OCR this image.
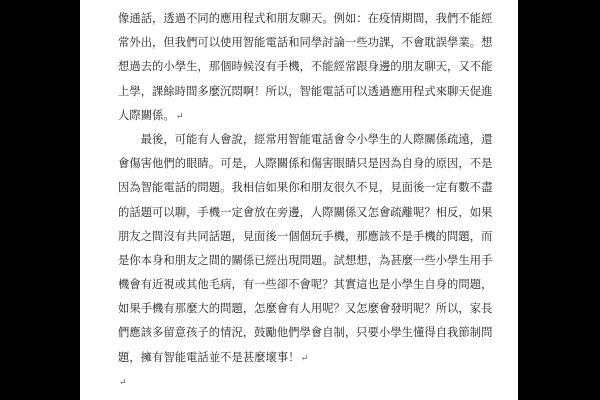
像通話，透過不同的應用程式和朋友聊天。例如：在疫情期間，我們不能經
常外出，但我們可以使用智能電話和同學討論一些功課，不會耽誤學業。想
想過去的小學生，那個時候沒有手機，不能經常跟身邊的朋友聊天，又不能
上學，課餘時間多麼沉悶啊！所以，智能電話可以透過應用程式來聊天促進
人際關係。↵
　　最後，可能有人會說，經常用智能電話會令小學生的人際關係疏遠，還
會傷害他們的眼睛。可是，人際關係和傷害眼睛只是因為自身的原因，不是
因為智能電話的問題。我相信如果你和朋友很久不見，見面後一定有數不盡
的話題可以聊，手機一定會放在旁邊，人際關係又怎會疏離呢？相反，如果
朋友之間沒有共同話題，見面後一個個玩手機，那應該不是手機的問題，而
是你本身和朋友之間的關係已經出現問題。試想想，為甚麼一些小學生用手
機會有近視或其他毛病，有一些卻不會呢？其實這也是小學生自身的問題，
如果手機有那麼大的問題，怎麼會有人用呢？又怎麼會發明呢？所以，家長
們應該多留意孩子的情況，鼓勵他們學會自制，只要小學生懂得自我節制問
題，擁有智能電話並不是甚麼壞事！↵
↵
